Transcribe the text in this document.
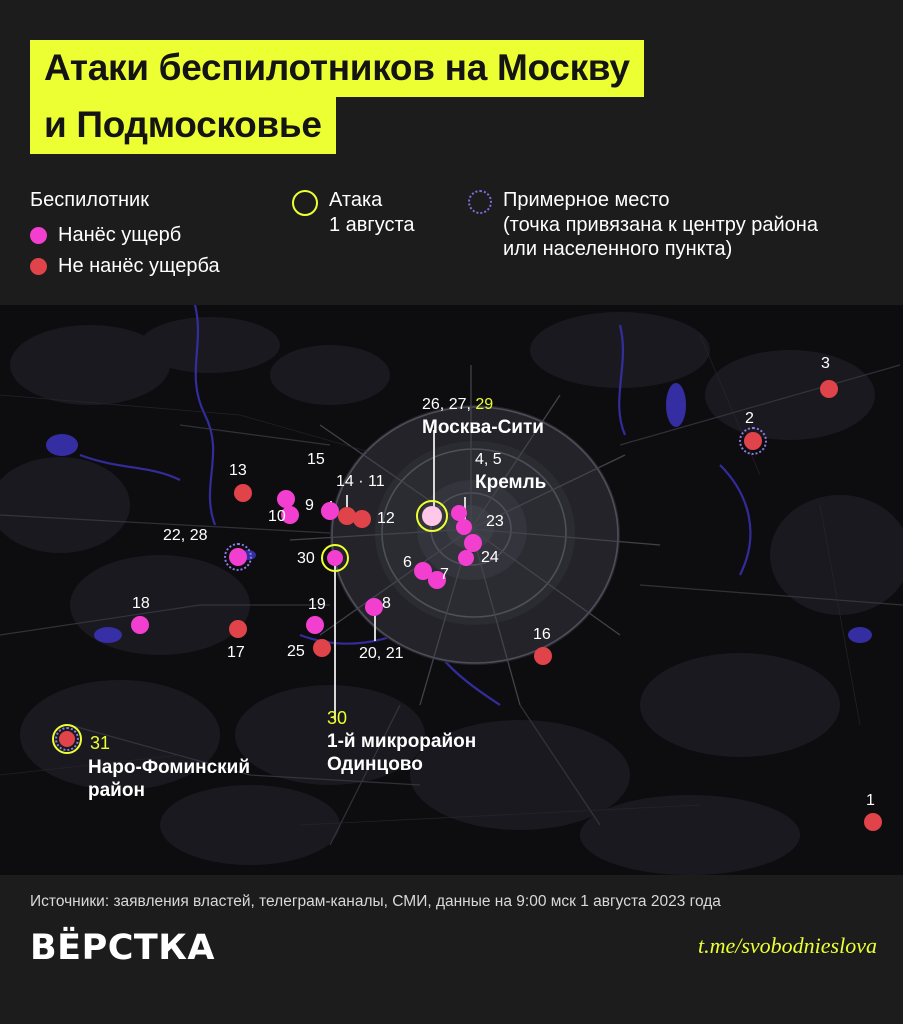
Атаки беспилотников на Москву
и Подмосковье
Беспилотник
Нанёс ущерб
Не нанёс ущерба
Атака
1 августа
Примерное место
(точка привязана к центру района
или населенного пункта)
26, 27, 29
Москва-Сити
4, 5
Кремль
13
15
14 · 11
9
10	12
22, 28
23
24
30	6
7
18	19
17	25
8
20, 21
16
2
3
1
31
30
1-й микрорайон
Одинцово
Наро-Фоминский
район
Источники: заявления властей, телеграм-каналы, СМИ, данные на 9:00 мск 1 августа 2023 года
ВЁРСТКА	t.me/svobodnieslova
